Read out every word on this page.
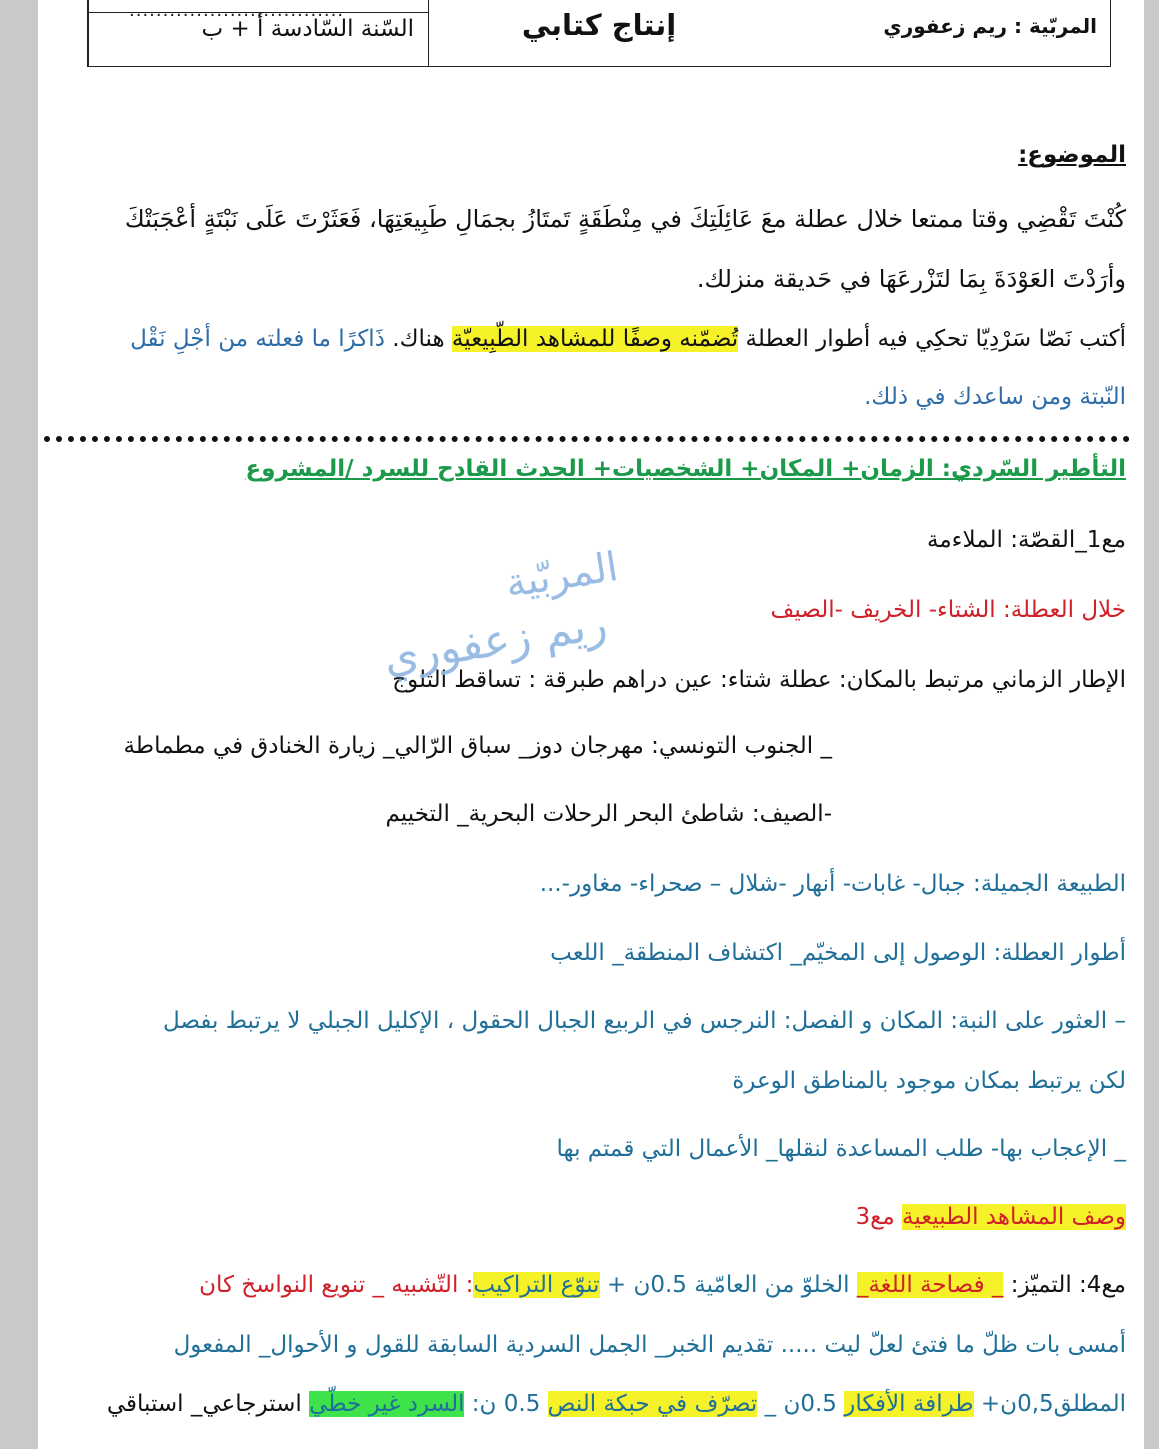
................................
السّنة السّادسة أ + ب	إنتاج كتابي	المربّية : ريم زعفوري
الموضوع:
كُنْتَ تَقْضِي وقتا ممتعا خلال عطلة معَ عَائِلَتِكَ في مِنْطَقَةٍ تَمتَازُ بجمَالِ طَبِيعَتِهَا، فَعَثَرْتَ عَلَى نَبْتَةٍ أعْجَبَتْكَ
وأرَدْتَ العَوْدَةَ بِمَا لتَزْرعَهَا في حَديقة منزلك.
أكتب نَصّا سَرْدِيّا تحكِي فيه أطوار العطلة تُضمّنه وصفًا للمشاهد الطّبِيعيّة هناك. ذَاكرًا ما فعلته من أجْلِ نَقْل
النّبتة ومن ساعدك في ذلك.
التأطير السّردي: الزمان+ المكان+ الشخصيات+ الحدث القادح للسرد /المشروع
مع1_القصّة: الملاءمة
خلال العطلة: الشتاء- الخريف -الصيف
الإطار الزماني مرتبط بالمكان: عطلة شتاء: عين دراهم طبرقة : تساقط الثلوج
_ الجنوب التونسي: مهرجان دوز_ سباق الرّالي_ زيارة الخنادق في مطماطة
-الصيف: شاطئ البحر الرحلات البحرية_ التخييم
الطبيعة الجميلة: جبال- غابات- أنهار -شلال – صحراء- مغاور-...
أطوار العطلة: الوصول إلى المخيّم_ اكتشاف المنطقة_ اللعب
– العثور على النبة: المكان و الفصل: النرجس في الربيع الجبال الحقول ، الإكليل الجبلي لا يرتبط بفصل
لكن يرتبط بمكان موجود بالمناطق الوعرة
_ الإعجاب بها- طلب المساعدة لنقلها_ الأعمال التي قمتم بها
وصف المشاهد الطبيعية مع3
مع4: التميّز: _ فصاحة اللغة_ الخلوّ من العامّية 0.5ن + تنوّع التراكيب: التّشبيه _ تنويع النواسخ كان
أمسى بات ظلّ ما فتئ لعلّ ليت ..... تقديم الخبر_ الجمل السردية السابقة للقول و الأحوال_ المفعول
المطلق0,5ن+ طرافة الأفكار 0.5ن _ تصرّف في حبكة النص 0.5 ن: السرد غير خطّي استرجاعي_ استباقي
المربّية
ريم زعفوري
